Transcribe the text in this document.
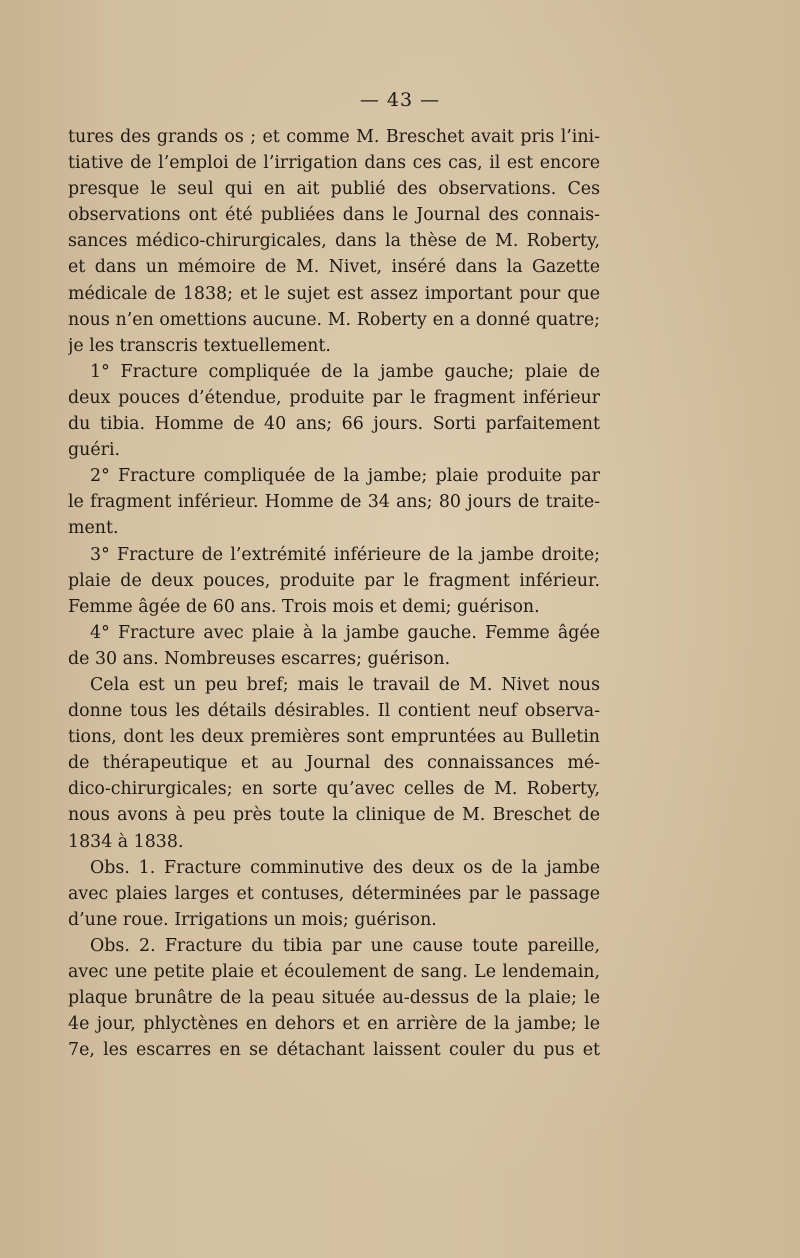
— 43 —
tures des grands os ; et comme M. Breschet avait pris l’ini-
tiative de l’emploi de l’irrigation dans ces cas, il est encore
presque le seul qui en ait publié des observations. Ces
observations ont été publiées dans le Journal des connais-
sances médico-chirurgicales, dans la thèse de M. Roberty,
et dans un mémoire de M. Nivet, inséré dans la Gazette
médicale de 1838; et le sujet est assez important pour que
nous n’en omettions aucune. M. Roberty en a donné quatre;
je les transcris textuellement.
1° Fracture compliquée de la jambe gauche; plaie de
deux pouces d’étendue, produite par le fragment inférieur
du tibia. Homme de 40 ans; 66 jours. Sorti parfaitement
guéri.
2° Fracture compliquée de la jambe; plaie produite par
le fragment inférieur. Homme de 34 ans; 80 jours de traite-
ment.
3° Fracture de l’extrémité inférieure de la jambe droite;
plaie de deux pouces, produite par le fragment inférieur.
Femme âgée de 60 ans. Trois mois et demi; guérison.
4° Fracture avec plaie à la jambe gauche. Femme âgée
de 30 ans. Nombreuses escarres; guérison.
Cela est un peu bref; mais le travail de M. Nivet nous
donne tous les détails désirables. Il contient neuf observa-
tions, dont les deux premières sont empruntées au Bulletin
de thérapeutique et au Journal des connaissances mé-
dico-chirurgicales; en sorte qu’avec celles de M. Roberty,
nous avons à peu près toute la clinique de M. Breschet de
1834 à 1838.
Obs. 1. Fracture comminutive des deux os de la jambe
avec plaies larges et contuses, déterminées par le passage
d’une roue. Irrigations un mois; guérison.
Obs. 2. Fracture du tibia par une cause toute pareille,
avec une petite plaie et écoulement de sang. Le lendemain,
plaque brunâtre de la peau située au-dessus de la plaie; le
4e jour, phlyctènes en dehors et en arrière de la jambe; le
7e, les escarres en se détachant laissent couler du pus et
